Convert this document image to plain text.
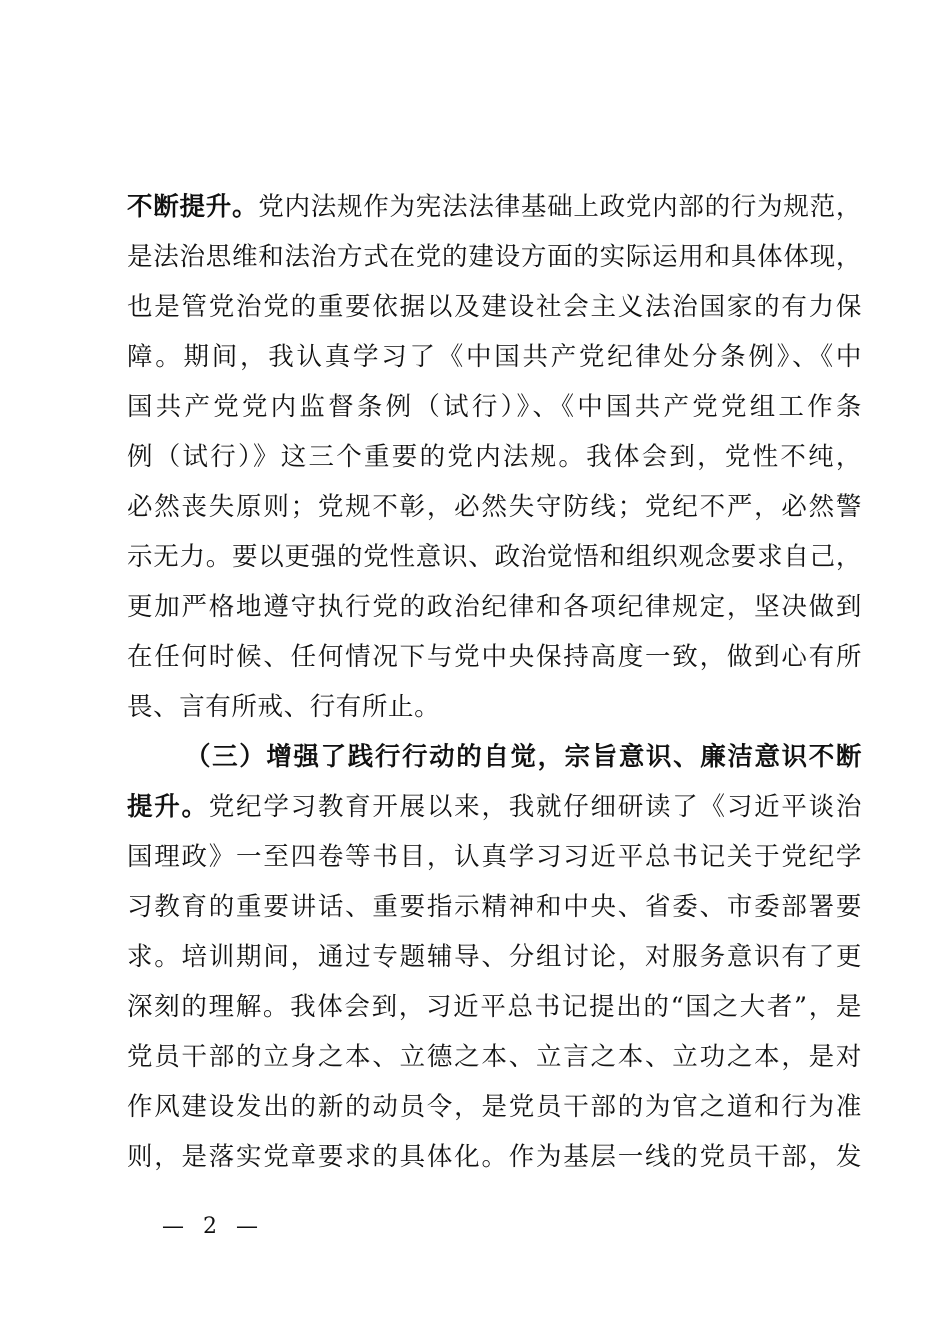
不断提升。党内法规作为宪法法律基础上政党内部的行为规范，
是法治思维和法治方式在党的建设方面的实际运用和具体体现，
也是管党治党的重要依据以及建设社会主义法治国家的有力保
障。期间，我认真学习了《中国共产党纪律处分条例》、《中
国共产党党内监督条例（试行）》、《中国共产党党组工作条
例（试行）》这三个重要的党内法规。我体会到，党性不纯，
必然丧失原则；党规不彰，必然失守防线；党纪不严，必然警
示无力。要以更强的党性意识、政治觉悟和组织观念要求自己，
更加严格地遵守执行党的政治纪律和各项纪律规定，坚决做到
在任何时候、任何情况下与党中央保持高度一致，做到心有所
畏、言有所戒、行有所止。
（三）增强了践行行动的自觉，宗旨意识、廉洁意识不断
提升。党纪学习教育开展以来，我就仔细研读了《习近平谈治
国理政》一至四卷等书目，认真学习习近平总书记关于党纪学
习教育的重要讲话、重要指示精神和中央、省委、市委部署要
求。培训期间，通过专题辅导、分组讨论，对服务意识有了更
深刻的理解。我体会到，习近平总书记提出的“国之大者”，是
党员干部的立身之本、立德之本、立言之本、立功之本，是对
作风建设发出的新的动员令，是党员干部的为官之道和行为准
则，是落实党章要求的具体化。作为基层一线的党员干部，发
— 2 —
